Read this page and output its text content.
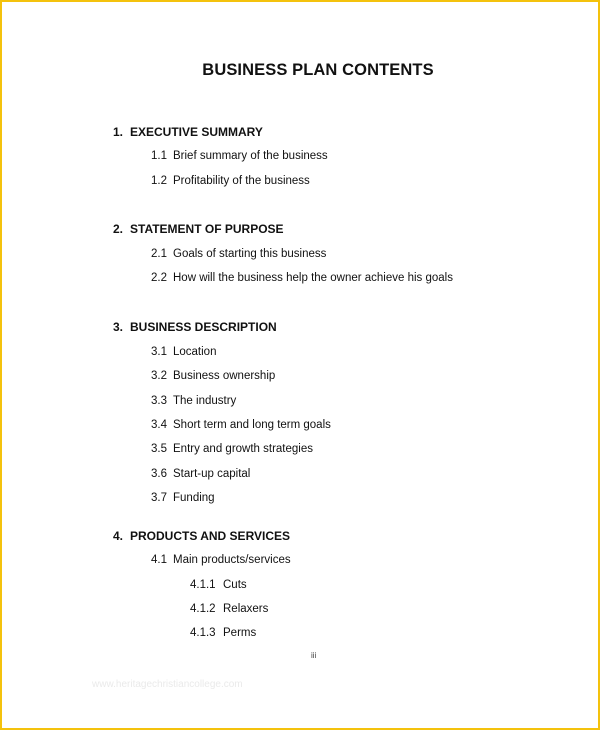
BUSINESS PLAN CONTENTS
1. EXECUTIVE SUMMARY
1.1 Brief summary of the business
1.2 Profitability of the business
2. STATEMENT OF PURPOSE
2.1 Goals of starting this business
2.2 How will the business help the owner achieve his goals
3. BUSINESS DESCRIPTION
3.1 Location
3.2 Business ownership
3.3 The industry
3.4 Short term and long term goals
3.5 Entry and growth strategies
3.6 Start-up capital
3.7 Funding
4. PRODUCTS AND SERVICES
4.1 Main products/services
4.1.1 Cuts
4.1.2 Relaxers
4.1.3 Perms
iii
www.heritagechristiancollege.com
